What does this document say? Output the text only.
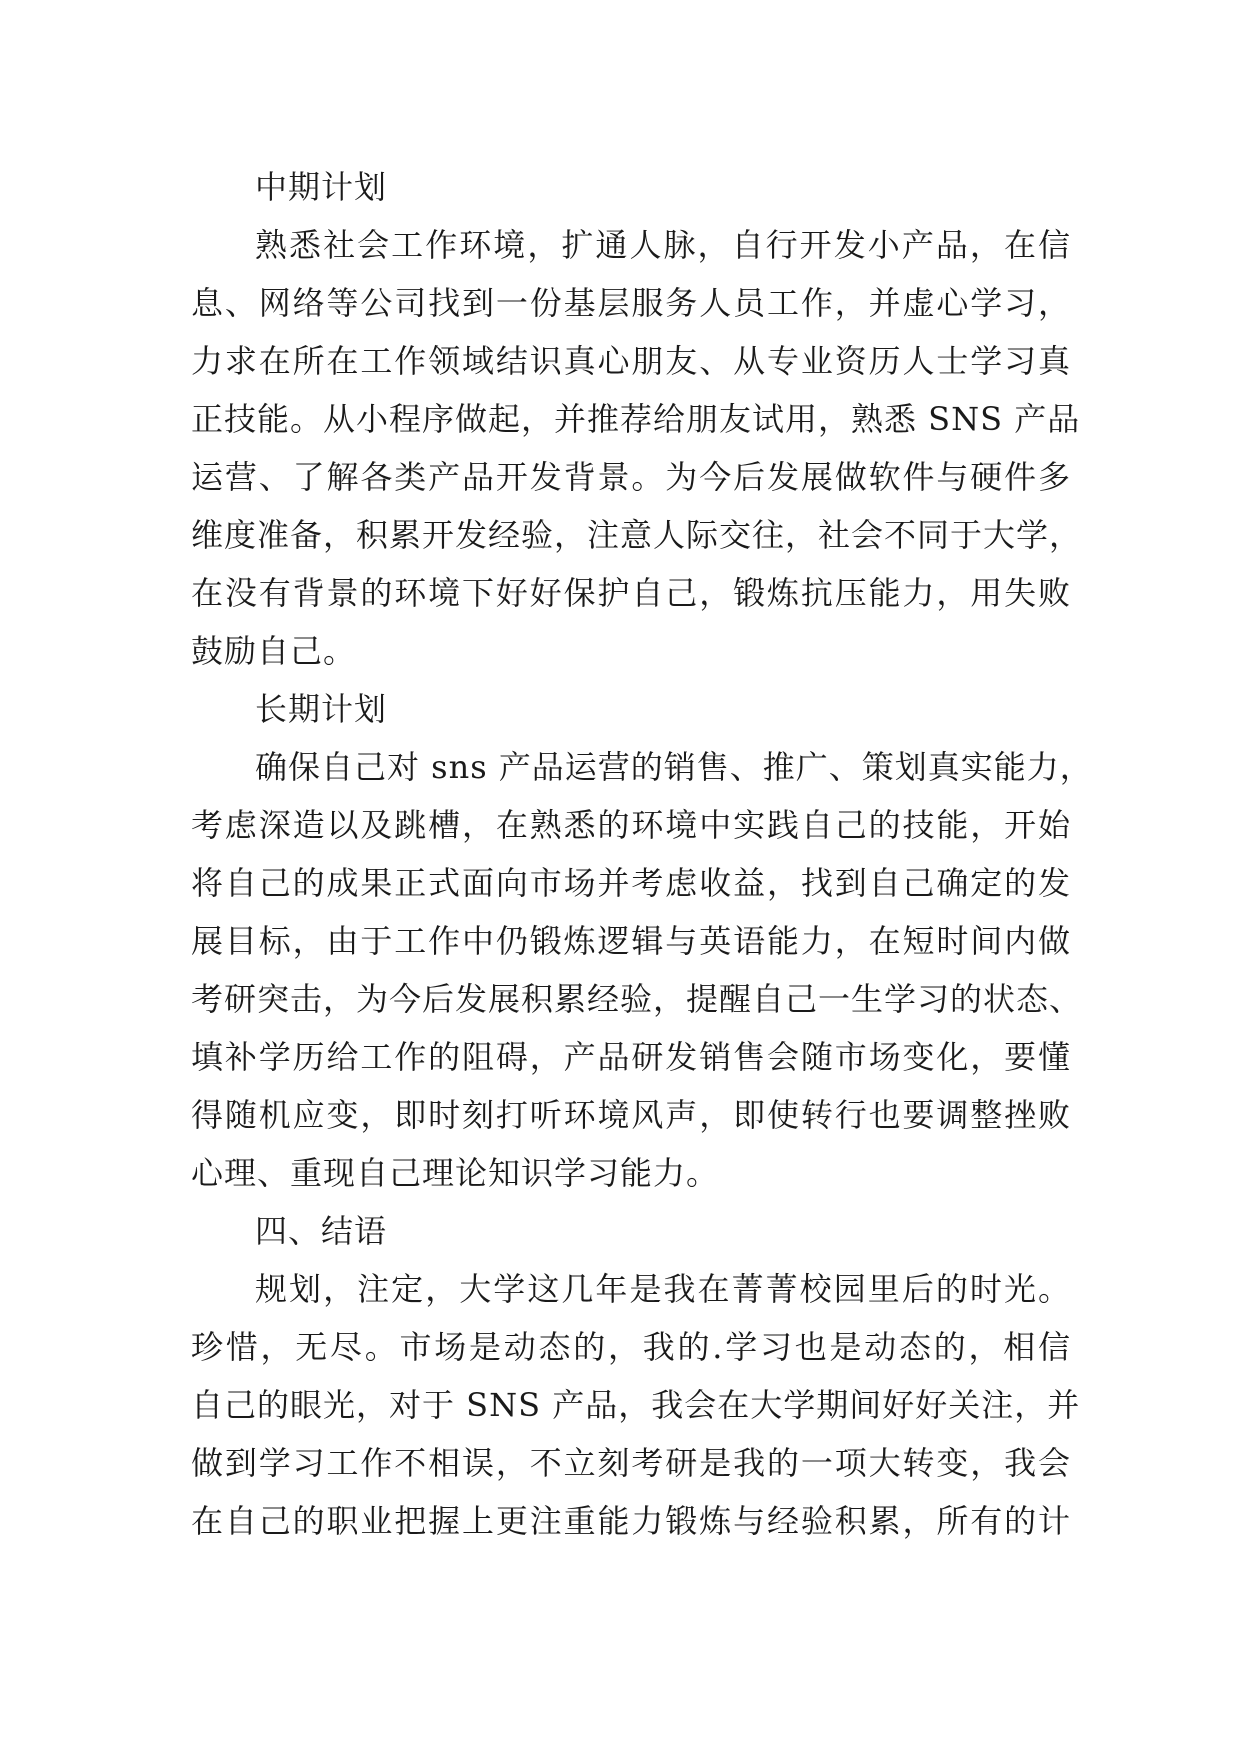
中期计划
熟悉社会工作环境，扩通人脉，自行开发小产品，在信
息、网络等公司找到一份基层服务人员工作，并虚心学习，
力求在所在工作领域结识真心朋友、从专业资历人士学习真
正技能。从小程序做起，并推荐给朋友试用，熟悉 SNS 产品
运营、了解各类产品开发背景。为今后发展做软件与硬件多
维度准备，积累开发经验，注意人际交往，社会不同于大学，
在没有背景的环境下好好保护自己，锻炼抗压能力，用失败
鼓励自己。
长期计划
确保自己对 sns 产品运营的销售、推广、策划真实能力，
考虑深造以及跳槽，在熟悉的环境中实践自己的技能，开始
将自己的成果正式面向市场并考虑收益，找到自己确定的发
展目标，由于工作中仍锻炼逻辑与英语能力，在短时间内做
考研突击，为今后发展积累经验，提醒自己一生学习的状态、
填补学历给工作的阻碍，产品研发销售会随市场变化，要懂
得随机应变，即时刻打听环境风声，即使转行也要调整挫败
心理、重现自己理论知识学习能力。
四、结语
规划，注定，大学这几年是我在菁菁校园里后的时光。
珍惜，无尽。市场是动态的，我的.学习也是动态的，相信
自己的眼光，对于 SNS 产品，我会在大学期间好好关注，并
做到学习工作不相误，不立刻考研是我的一项大转变，我会
在自己的职业把握上更注重能力锻炼与经验积累，所有的计
